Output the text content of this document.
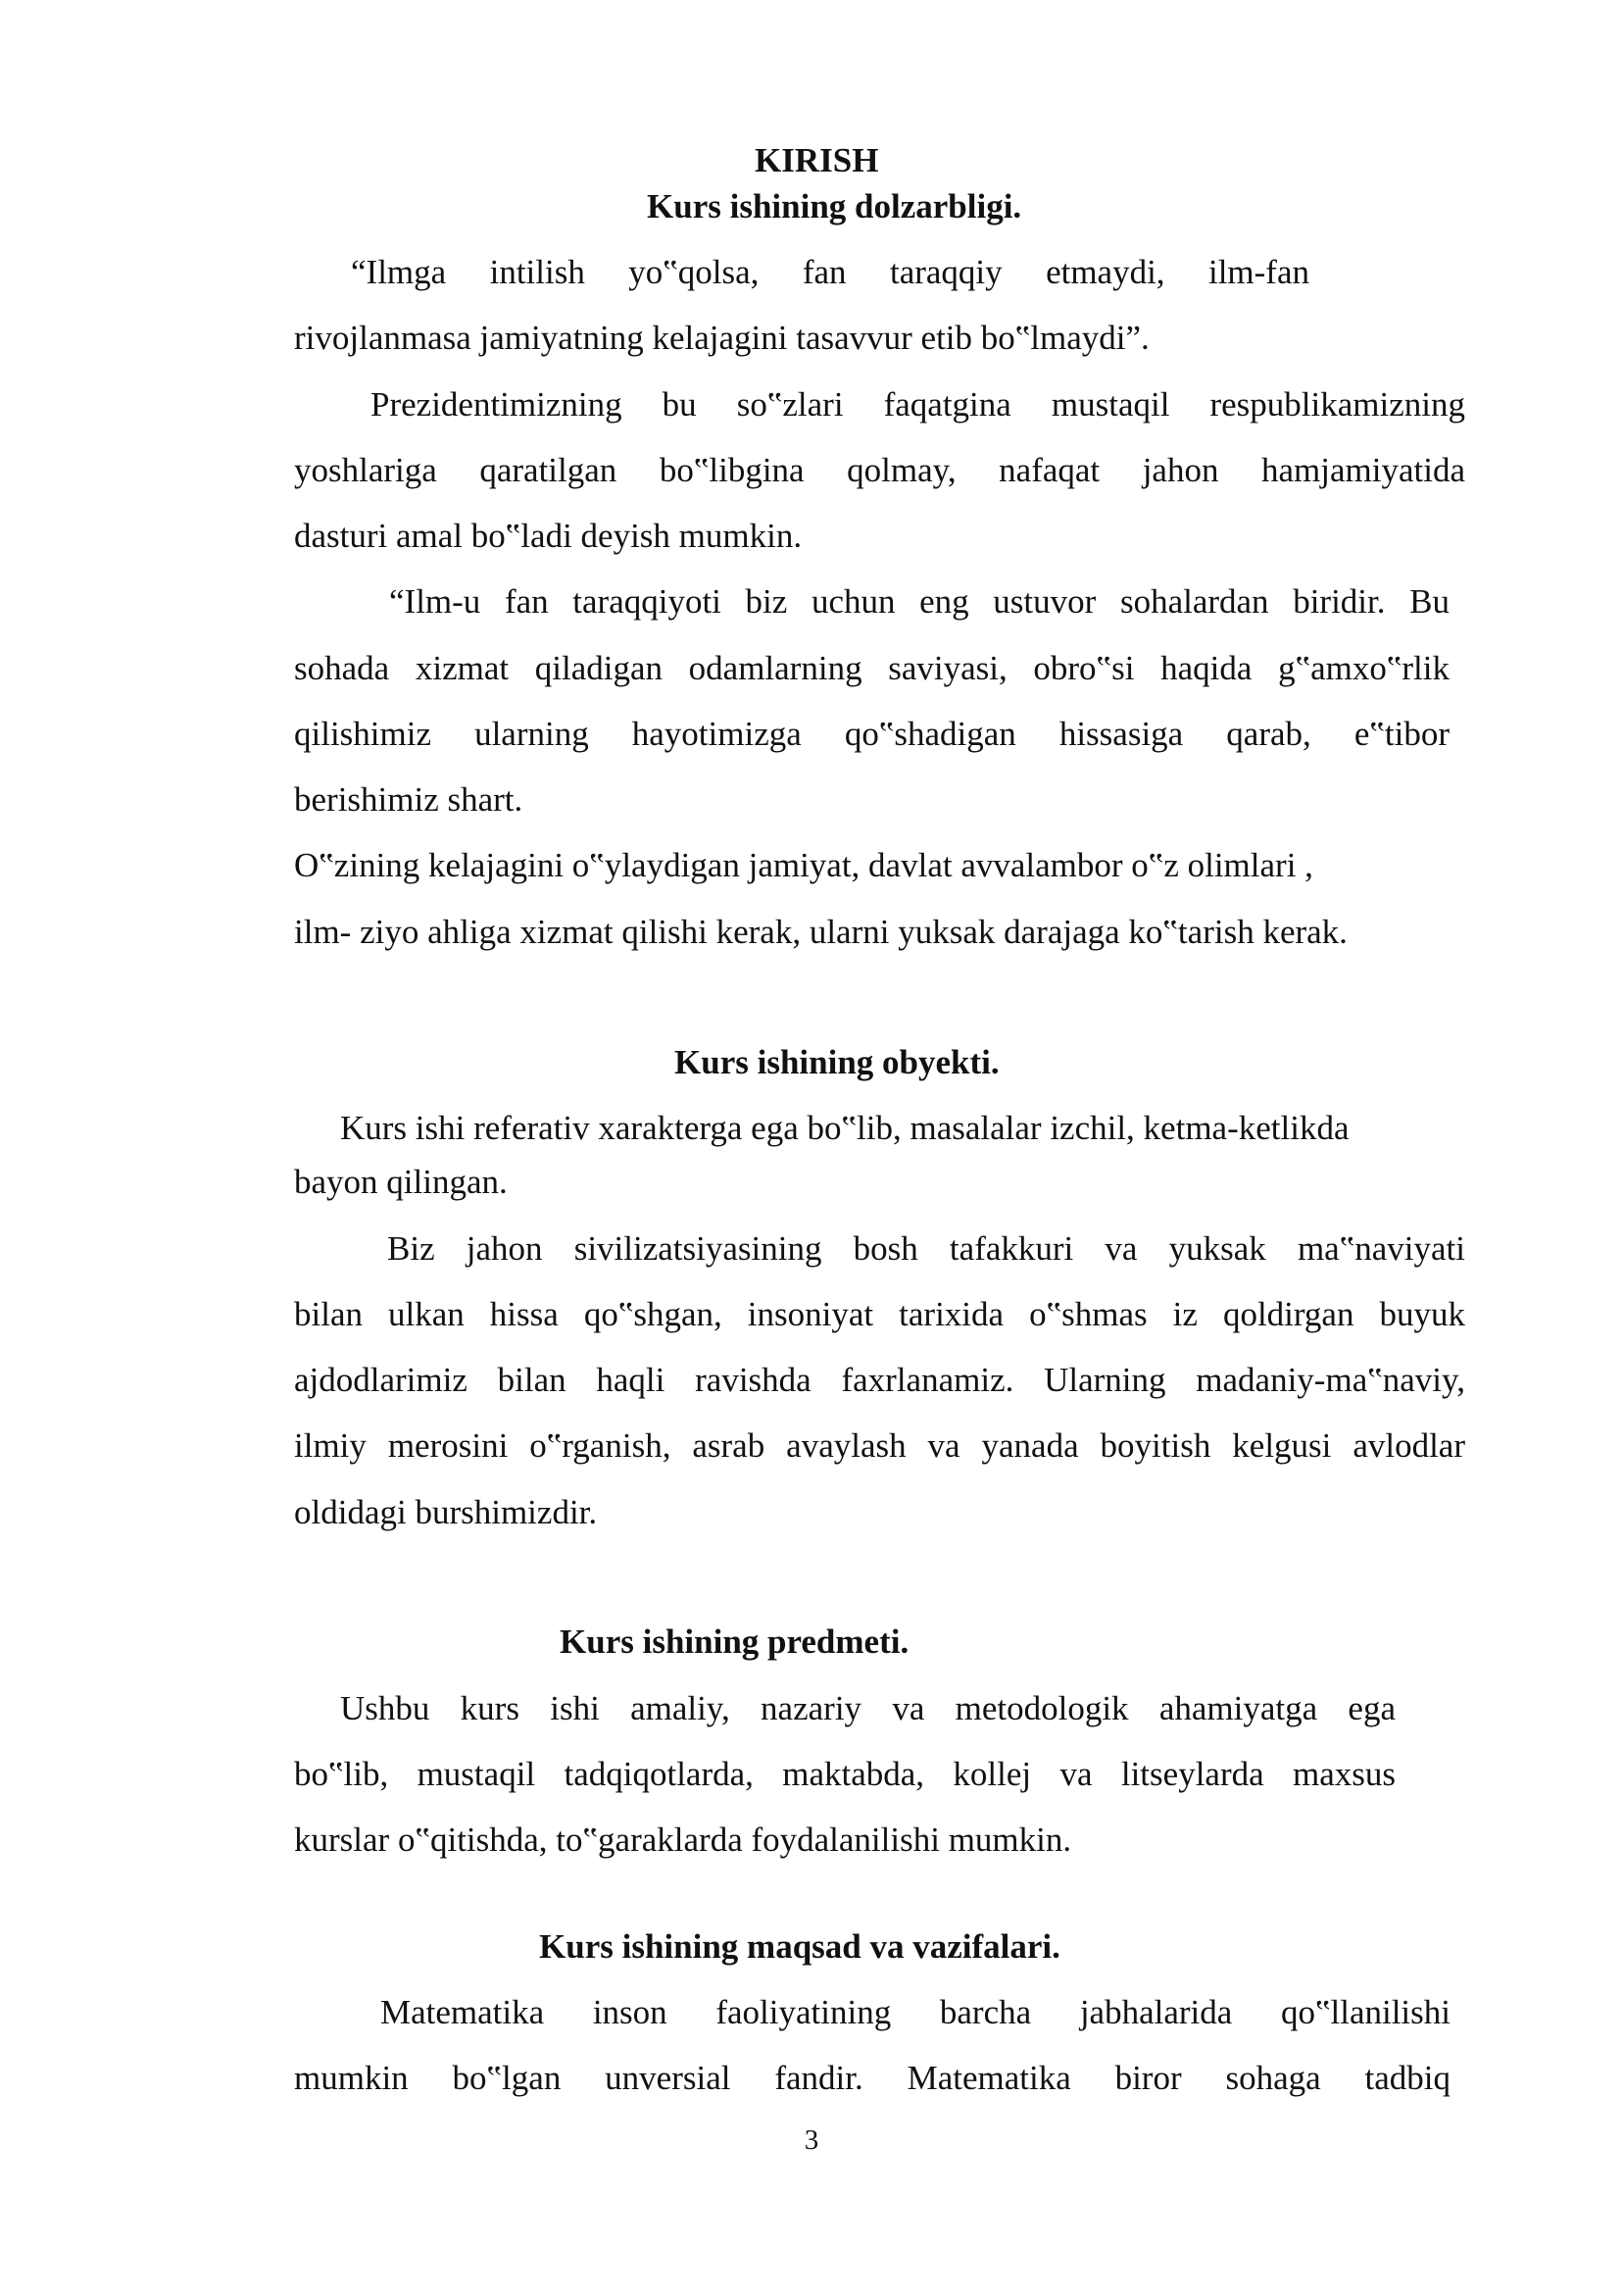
KIRISH
Kurs ishining dolzarbligi.
“Ilmga intilish yo‟qolsa, fan taraqqiy etmaydi, ilm-fan
rivojlanmasa jamiyatning kelajagini tasavvur etib bo‟lmaydi”.
Prezidentimizning bu so‟zlari faqatgina mustaqil respublikamizning
yoshlariga qaratilgan bo‟libgina qolmay, nafaqat jahon hamjamiyatida
dasturi amal bo‟ladi deyish mumkin.
“Ilm-u fan taraqqiyoti biz uchun eng ustuvor sohalardan biridir. Bu
sohada xizmat qiladigan odamlarning saviyasi, obro‟si haqida g‟amxo‟rlik
qilishimiz ularning hayotimizga qo‟shadigan hissasiga qarab, e‟tibor
berishimiz shart.
O‟zining kelajagini o‟ylaydigan jamiyat, davlat avvalambor o‟z olimlari ,
ilm- ziyo ahliga xizmat qilishi kerak, ularni yuksak darajaga ko‟tarish kerak.
Kurs ishining obyekti.
Kurs ishi referativ xarakterga ega bo‟lib, masalalar izchil, ketma-ketlikda
bayon qilingan.
Biz jahon sivilizatsiyasining bosh tafakkuri va yuksak ma‟naviyati
bilan ulkan hissa qo‟shgan, insoniyat tarixida o‟shmas iz qoldirgan buyuk
ajdodlarimiz bilan haqli ravishda faxrlanamiz. Ularning madaniy-ma‟naviy,
ilmiy merosini o‟rganish, asrab avaylash va yanada boyitish kelgusi avlodlar
oldidagi burshimizdir.
Kurs ishining predmeti.
Ushbu kurs ishi amaliy, nazariy va metodologik ahamiyatga ega
bo‟lib, mustaqil tadqiqotlarda, maktabda, kollej va litseylarda maxsus
kurslar o‟qitishda, to‟garaklarda foydalanilishi mumkin.
Kurs ishining maqsad va vazifalari.
Matematika inson faoliyatining barcha jabhalarida qo‟llanilishi
mumkin bo‟lgan unversial fandir. Matematika biror sohaga tadbiq
3
